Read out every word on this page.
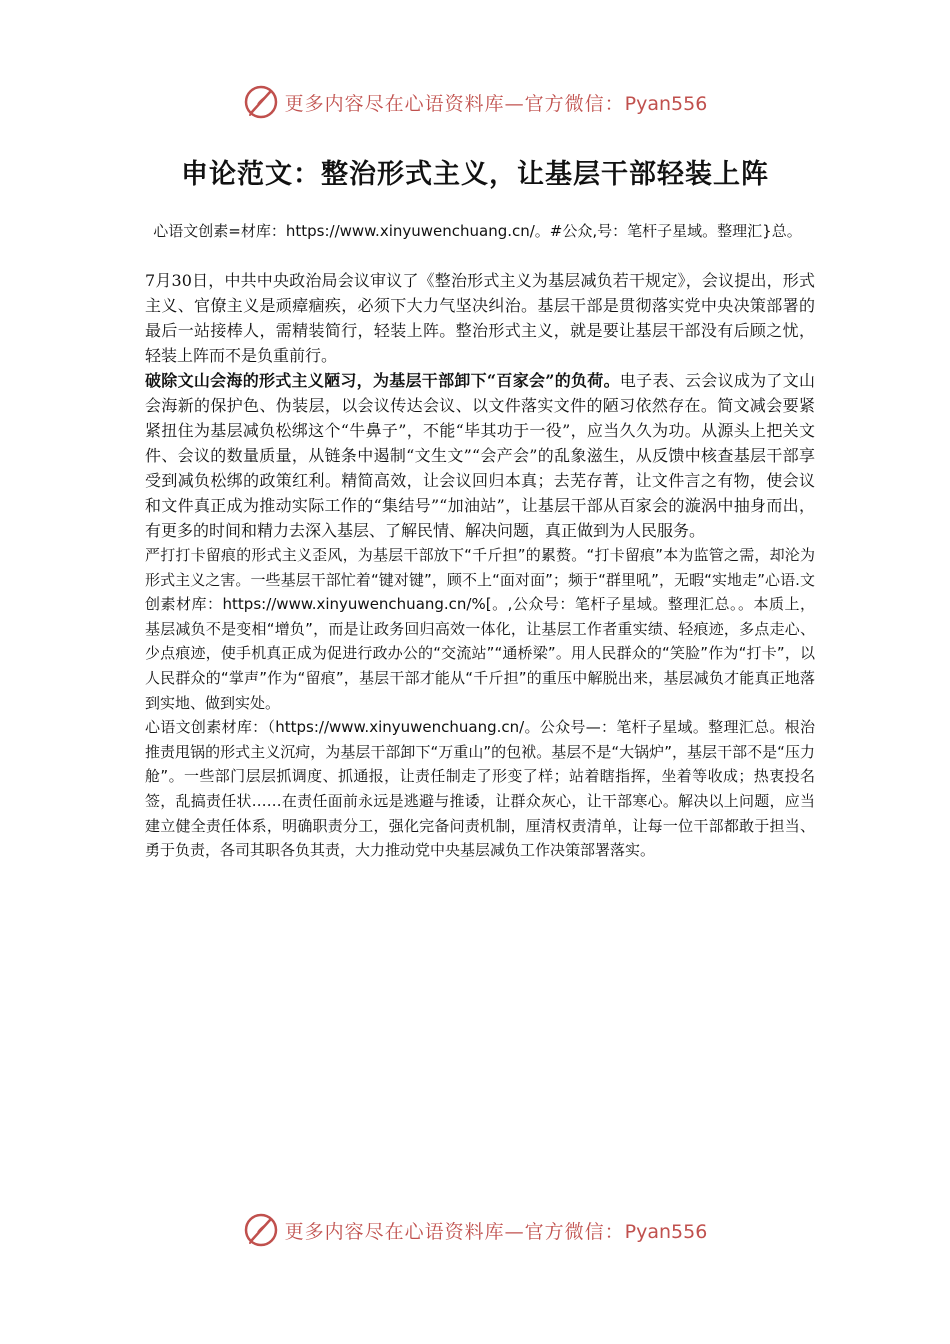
更多内容尽在心语资料库—官方微信：Pyan556
申论范文：整治形式主义，让基层干部轻装上阵

心语文创素=材库：https://www.xinyuwenchuang.cn/。#公众,号：笔杆子星域。整理汇}总。

7月30日，中共中央政治局会议审议了《整治形式主义为基层减负若干规定》，会议提出，形式主义、官僚主义是顽瘴痼疾，必须下大力气坚决纠治。基层干部是贯彻落实党中央决策部署的最后一站接棒人，需精装简行，轻装上阵。整治形式主义，就是要让基层干部没有后顾之忧，轻装上阵而不是负重前行。

破除文山会海的形式主义陋习，为基层干部卸下“百家会”的负荷。电子表、云会议成为了文山会海新的保护色、伪装层，以会议传达会议、以文件落实文件的陋习依然存在。简文减会要紧紧扭住为基层减负松绑这个“牛鼻子”，不能“毕其功于一役”，应当久久为功。从源头上把关文件、会议的数量质量，从链条中遏制“文生文”“会产会”的乱象滋生，从反馈中核查基层干部享受到减负松绑的政策红利。精简高效，让会议回归本真；去芜存菁，让文件言之有物，使会议和文件真正成为推动实际工作的“集结号”“加油站”，让基层干部从百家会的漩涡中抽身而出，有更多的时间和精力去深入基层、了解民情、解决问题，真正做到为人民服务。

严打打卡留痕的形式主义歪风，为基层干部放下“千斤担”的累赘。“打卡留痕”本为监管之需，却沦为形式主义之害。一些基层干部忙着“键对键”，顾不上“面对面”；频于“群里吼”，无暇“实地走”心语.文创素材库：https://www.xinyuwenchuang.cn/%[。,公众号：笔杆子星域。整理汇总。。本质上，基层减负不是变相“增负”，而是让政务回归高效一体化，让基层工作者重实绩、轻痕迹，多点走心、少点痕迹，使手机真正成为促进行政办公的“交流站”“通桥梁”。用人民群众的“笑脸”作为“打卡”，以人民群众的“掌声”作为“留痕”，基层干部才能从“千斤担”的重压中解脱出来，基层减负才能真正地落到实地、做到实处。

心语文创素材库：（https://www.xinyuwenchuang.cn/。公众号—：笔杆子星域。整理汇总。根治推责甩锅的形式主义沉疴，为基层干部卸下“万重山”的包袱。基层不是“大锅炉”，基层干部不是“压力舱”。一些部门层层抓调度、抓通报，让责任制走了形变了样；站着瞎指挥，坐着等收成；热衷投名签，乱搞责任状……在责任面前永远是逃避与推诿，让群众灰心，让干部寒心。解决以上问题，应当建立健全责任体系，明确职责分工，强化完备问责机制，厘清权责清单，让每一位干部都敢于担当、勇于负责，各司其职各负其责，大力推动党中央基层减负工作决策部署落实。

更多内容尽在心语资料库—官方微信：Pyan556
